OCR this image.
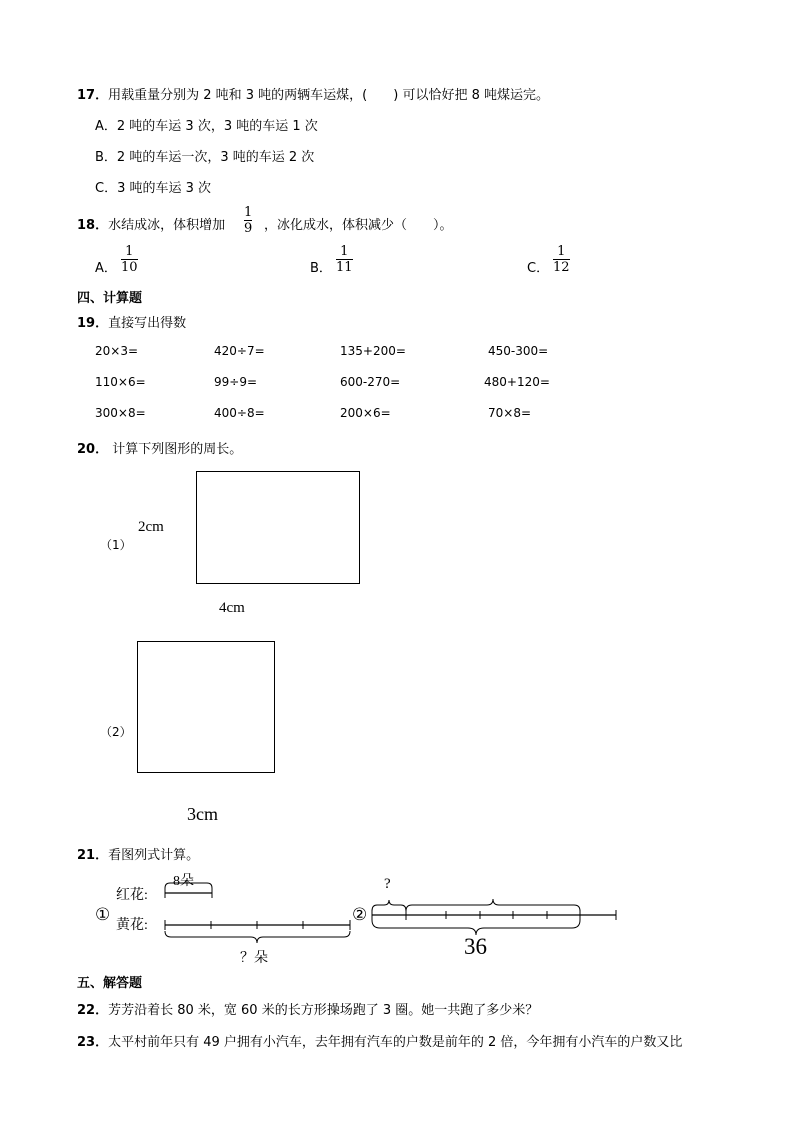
17．用载重量分别为 2 吨和 3 吨的两辆车运煤，(　　) 可以恰好把 8 吨煤运完。
A．2 吨的车运 3 次，3 吨的车运 1 次
B．2 吨的车运一次，3 吨的车运 2 次
C．3 吨的车运 3 次
18．水结成冰，体积增加
1
9 ，冰化成水，体积减少（　　）。
A．
1
10	B．
1
11	C．
1
12
四、计算题
19．直接写出得数
20×3=	420÷7=	135+200=	450-300=
110×6=	99÷9=	600-270=	480+120=
300×8=	400÷8=	200×6=	70×8=
20． 计算下列图形的周长。
（1）
2cm
4cm
（2）
3cm
21．看图列式计算。
①
红花:
8朵
黄花:
？朵
②
?
36
五、解答题
22．芳芳沿着长 80 米，宽 60 米的长方形操场跑了 3 圈。她一共跑了多少米？
23．太平村前年只有 49 户拥有小汽车，去年拥有汽车的户数是前年的 2 倍，今年拥有小汽车的户数又比
